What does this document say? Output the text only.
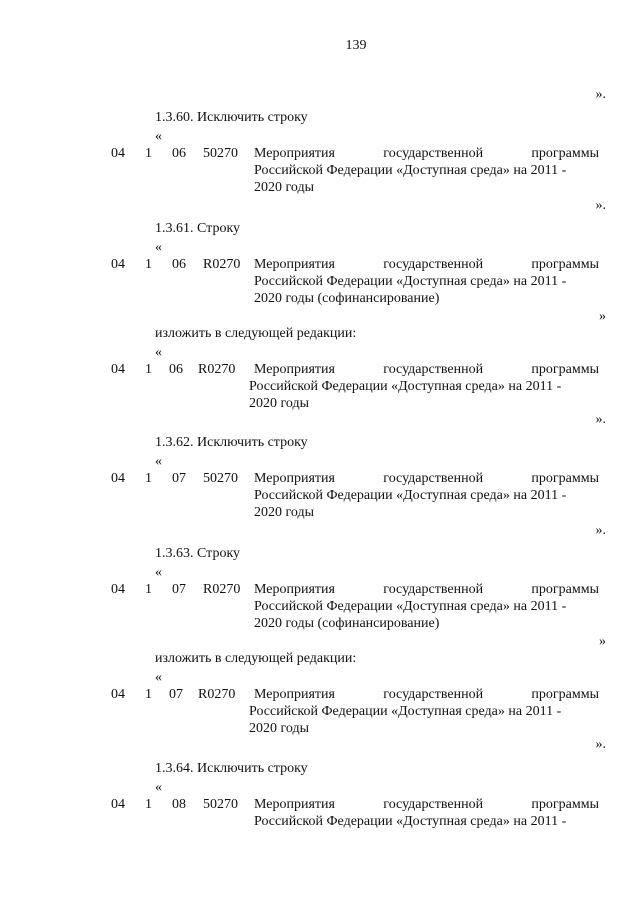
139
».
1.3.60. Исключить строку
«
04 1 06 50270 Мероприятия государственной программы
Российской Федерации «Доступная среда» на 2011 -
2020 годы
».
1.3.61. Строку
«
04 1 06 R0270 Мероприятия государственной программы
Российской Федерации «Доступная среда» на 2011 -
2020 годы (софинансирование)
»
изложить в следующей редакции:
«
04 1 06 R0270	Мероприятия государственной программы
Российской Федерации «Доступная среда» на 2011 -
2020 годы
».
1.3.62. Исключить строку
«
04 1 07 50270 Мероприятия государственной программы
Российской Федерации «Доступная среда» на 2011 -
2020 годы
».
1.3.63. Строку
«
04 1 07 R0270 Мероприятия государственной программы
Российской Федерации «Доступная среда» на 2011 -
2020 годы (софинансирование)
»
изложить в следующей редакции:
«
04 1 07 R0270	Мероприятия государственной программы
Российской Федерации «Доступная среда» на 2011 -
2020 годы
».
1.3.64. Исключить строку
«
04 1 08 50270 Мероприятия государственной программы
Российской Федерации «Доступная среда» на 2011 -
